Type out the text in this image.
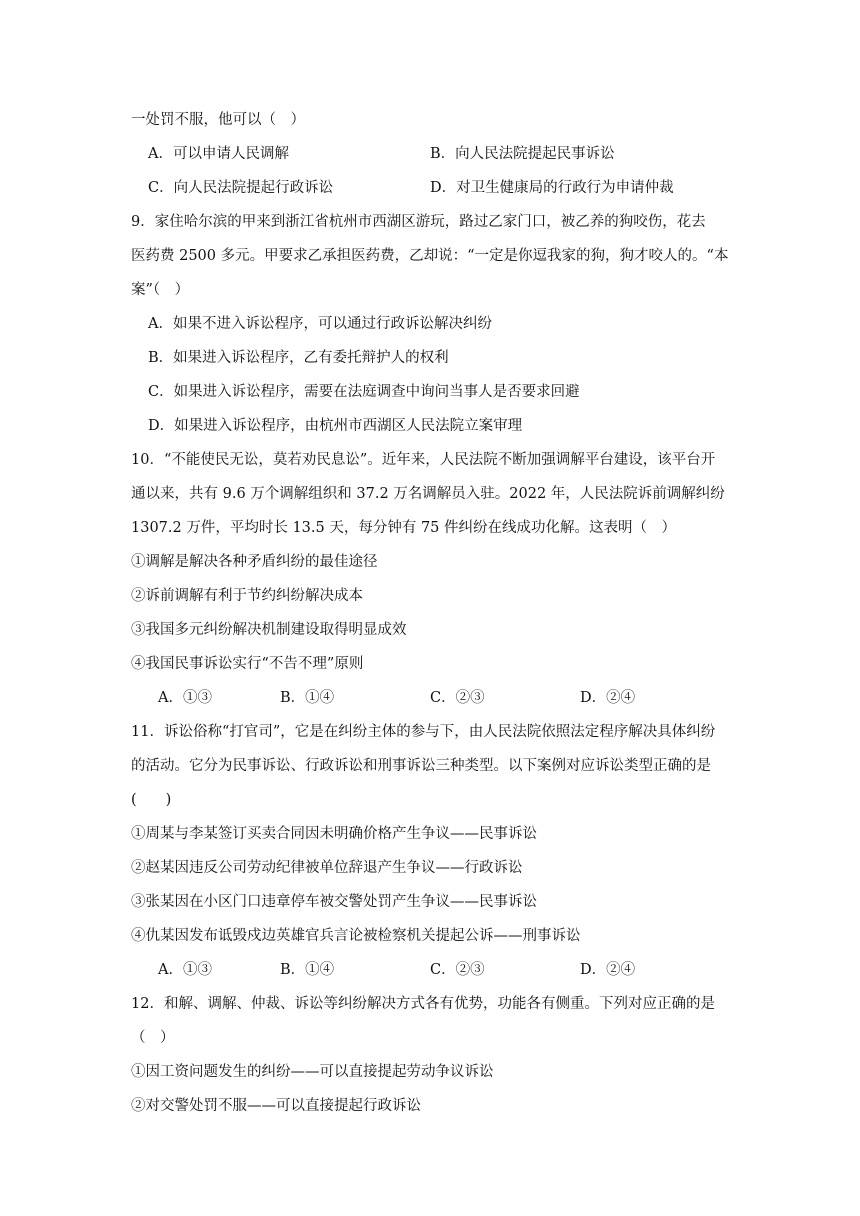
一处罚不服，他可以（　）
A．可以申请人民调解	B．向人民法院提起民事诉讼
C．向人民法院提起行政诉讼	D．对卫生健康局的行政行为申请仲裁
9．家住哈尔滨的甲来到浙江省杭州市西湖区游玩，路过乙家门口，被乙养的狗咬伤，花去
医药费 2500 多元。甲要求乙承担医药费，乙却说：“一定是你逗我家的狗，狗才咬人的。“本
案”（　）
A．如果不进入诉讼程序，可以通过行政诉讼解决纠纷
B．如果进入诉讼程序，乙有委托辩护人的权利
C．如果进入诉讼程序，需要在法庭调查中询问当事人是否要求回避
D．如果进入诉讼程序，由杭州市西湖区人民法院立案审理
10．“不能使民无讼，莫若劝民息讼”。近年来，人民法院不断加强调解平台建设，该平台开
通以来，共有 9.6 万个调解组织和 37.2 万名调解员入驻。2022 年，人民法院诉前调解纠纷
1307.2 万件，平均时长 13.5 天，每分钟有 75 件纠纷在线成功化解。这表明（　）
①调解是解决各种矛盾纠纷的最佳途径
②诉前调解有利于节约纠纷解决成本
③我国多元纠纷解决机制建设取得明显成效
④我国民事诉讼实行“不告不理”原则
A．①③	B．①④	C．②③	D．②④
11．诉讼俗称“打官司”，它是在纠纷主体的参与下，由人民法院依照法定程序解决具体纠纷
的活动。它分为民事诉讼、行政诉讼和刑事诉讼三种类型。以下案例对应诉讼类型正确的是
(　　)
①周某与李某签订买卖合同因未明确价格产生争议——民事诉讼
②赵某因违反公司劳动纪律被单位辞退产生争议——行政诉讼
③张某因在小区门口违章停车被交警处罚产生争议——民事诉讼
④仇某因发布诋毁戍边英雄官兵言论被检察机关提起公诉——刑事诉讼
A．①③	B．①④	C．②③	D．②④
12．和解、调解、仲裁、诉讼等纠纷解决方式各有优势，功能各有侧重。下列对应正确的是
（　）
①因工资问题发生的纠纷——可以直接提起劳动争议诉讼
②对交警处罚不服——可以直接提起行政诉讼
